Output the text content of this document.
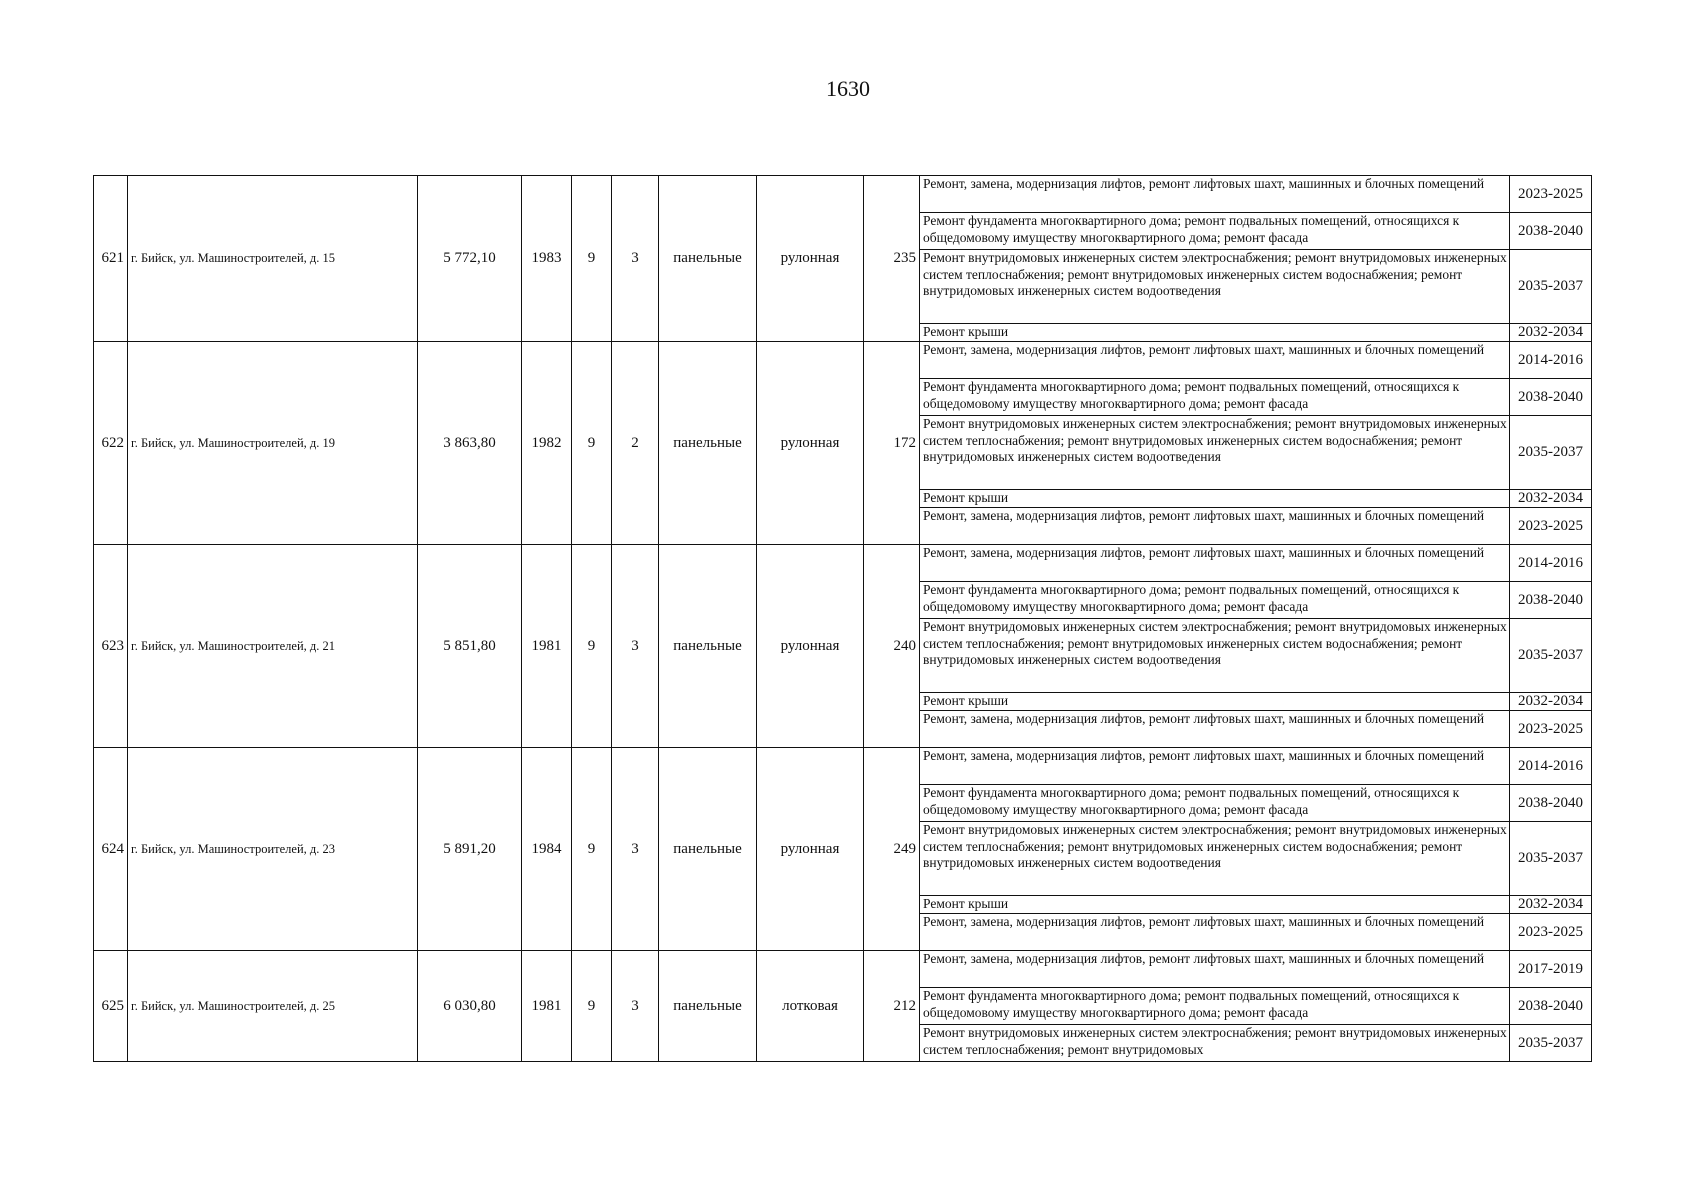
1630
621	г. Бийск, ул. Машиностроителей, д. 15	5 772,10	1983	9	3	панельные	рулонная	235	Ремонт, замена, модернизация лифтов, ремонт лифтовых шахт, машинных и блочных помещений	2023-2025
									Ремонт фундамента многоквартирного дома; ремонт подвальных помещений, относящихся к общедомовому имуществу многоквартирного дома; ремонт фасада	2038-2040
									Ремонт внутридомовых инженерных систем электроснабжения; ремонт внутридомовых инженерных систем теплоснабжения; ремонт внутридомовых инженерных систем водоснабжения; ремонт внутридомовых инженерных систем водоотведения	2035-2037
									Ремонт крыши	2032-2034
622	г. Бийск, ул. Машиностроителей, д. 19	3 863,80	1982	9	2	панельные	рулонная	172	Ремонт, замена, модернизация лифтов, ремонт лифтовых шахт, машинных и блочных помещений	2014-2016
									Ремонт фундамента многоквартирного дома; ремонт подвальных помещений, относящихся к общедомовому имуществу многоквартирного дома; ремонт фасада	2038-2040
									Ремонт внутридомовых инженерных систем электроснабжения; ремонт внутридомовых инженерных систем теплоснабжения; ремонт внутридомовых инженерных систем водоснабжения; ремонт внутридомовых инженерных систем водоотведения	2035-2037
									Ремонт крыши	2032-2034
									Ремонт, замена, модернизация лифтов, ремонт лифтовых шахт, машинных и блочных помещений	2023-2025
623	г. Бийск, ул. Машиностроителей, д. 21	5 851,80	1981	9	3	панельные	рулонная	240	Ремонт, замена, модернизация лифтов, ремонт лифтовых шахт, машинных и блочных помещений	2014-2016
									Ремонт фундамента многоквартирного дома; ремонт подвальных помещений, относящихся к общедомовому имуществу многоквартирного дома; ремонт фасада	2038-2040
									Ремонт внутридомовых инженерных систем электроснабжения; ремонт внутридомовых инженерных систем теплоснабжения; ремонт внутридомовых инженерных систем водоснабжения; ремонт внутридомовых инженерных систем водоотведения	2035-2037
									Ремонт крыши	2032-2034
									Ремонт, замена, модернизация лифтов, ремонт лифтовых шахт, машинных и блочных помещений	2023-2025
624	г. Бийск, ул. Машиностроителей, д. 23	5 891,20	1984	9	3	панельные	рулонная	249	Ремонт, замена, модернизация лифтов, ремонт лифтовых шахт, машинных и блочных помещений	2014-2016
									Ремонт фундамента многоквартирного дома; ремонт подвальных помещений, относящихся к общедомовому имуществу многоквартирного дома; ремонт фасада	2038-2040
									Ремонт внутридомовых инженерных систем электроснабжения; ремонт внутридомовых инженерных систем теплоснабжения; ремонт внутридомовых инженерных систем водоснабжения; ремонт внутридомовых инженерных систем водоотведения	2035-2037
									Ремонт крыши	2032-2034
									Ремонт, замена, модернизация лифтов, ремонт лифтовых шахт, машинных и блочных помещений	2023-2025
625	г. Бийск, ул. Машиностроителей, д. 25	6 030,80	1981	9	3	панельные	лотковая	212	Ремонт, замена, модернизация лифтов, ремонт лифтовых шахт, машинных и блочных помещений	2017-2019
									Ремонт фундамента многоквартирного дома; ремонт подвальных помещений, относящихся к общедомовому имуществу многоквартирного дома; ремонт фасада	2038-2040
									Ремонт внутридомовых инженерных систем электроснабжения; ремонт внутридомовых инженерных систем теплоснабжения; ремонт внутридомовых	2035-2037
